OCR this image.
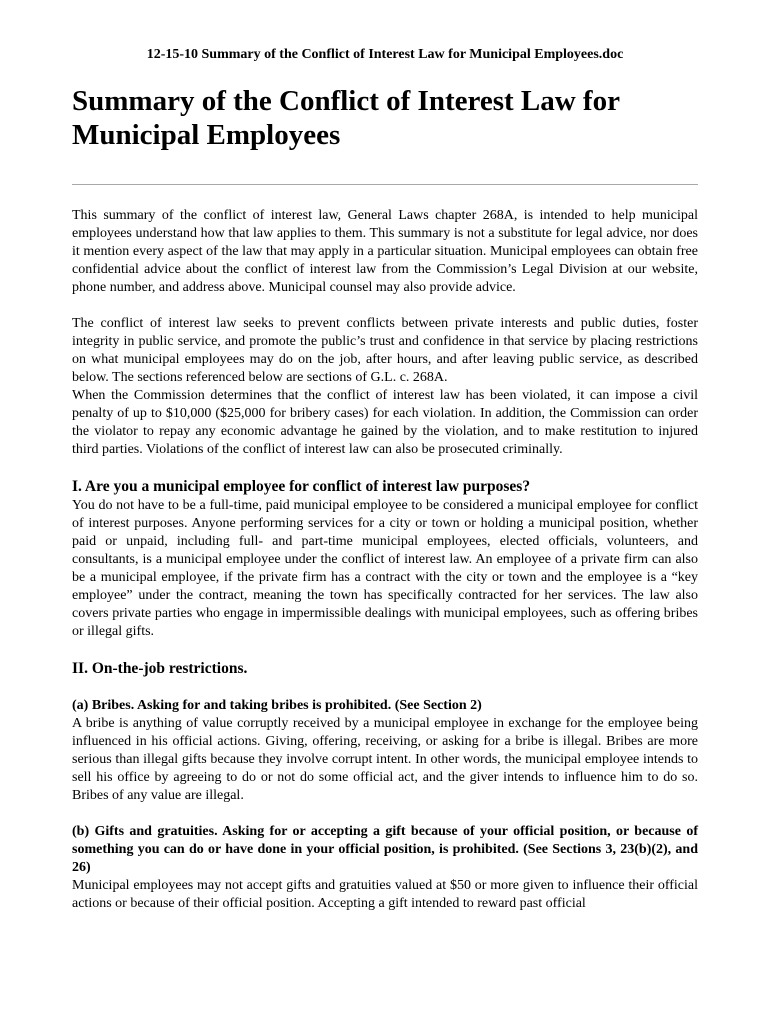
12-15-10 Summary of the Conflict of Interest Law for Municipal Employees.doc
Summary of the Conflict of Interest Law for Municipal Employees

This summary of the conflict of interest law, General Laws chapter 268A, is intended to help municipal employees understand how that law applies to them. This summary is not a substitute for legal advice, nor does it mention every aspect of the law that may apply in a particular situation. Municipal employees can obtain free confidential advice about the conflict of interest law from the Commission’s Legal Division at our website, phone number, and address above. Municipal counsel may also provide advice.

The conflict of interest law seeks to prevent conflicts between private interests and public duties, foster integrity in public service, and promote the public’s trust and confidence in that service by placing restrictions on what municipal employees may do on the job, after hours, and after leaving public service, as described below. The sections referenced below are sections of G.L. c. 268A.

When the Commission determines that the conflict of interest law has been violated, it can impose a civil penalty of up to $10,000 ($25,000 for bribery cases) for each violation. In addition, the Commission can order the violator to repay any economic advantage he gained by the violation, and to make restitution to injured third parties. Violations of the conflict of interest law can also be prosecuted criminally.

I. Are you a municipal employee for conflict of interest law purposes?

You do not have to be a full-time, paid municipal employee to be considered a municipal employee for conflict of interest purposes. Anyone performing services for a city or town or holding a municipal position, whether paid or unpaid, including full- and part-time municipal employees, elected officials, volunteers, and consultants, is a municipal employee under the conflict of interest law. An employee of a private firm can also be a municipal employee, if the private firm has a contract with the city or town and the employee is a “key employee” under the contract, meaning the town has specifically contracted for her services. The law also covers private parties who engage in impermissible dealings with municipal employees, such as offering bribes or illegal gifts.

II. On-the-job restrictions.

(a) Bribes. Asking for and taking bribes is prohibited. (See Section 2)

A bribe is anything of value corruptly received by a municipal employee in exchange for the employee being influenced in his official actions. Giving, offering, receiving, or asking for a bribe is illegal. Bribes are more serious than illegal gifts because they involve corrupt intent. In other words, the municipal employee intends to sell his office by agreeing to do or not do some official act, and the giver intends to influence him to do so. Bribes of any value are illegal.

(b) Gifts and gratuities. Asking for or accepting a gift because of your official position, or because of something you can do or have done in your official position, is prohibited. (See Sections 3, 23(b)(2), and 26)

Municipal employees may not accept gifts and gratuities valued at $50 or more given to influence their official actions or because of their official position. Accepting a gift intended to reward past official
